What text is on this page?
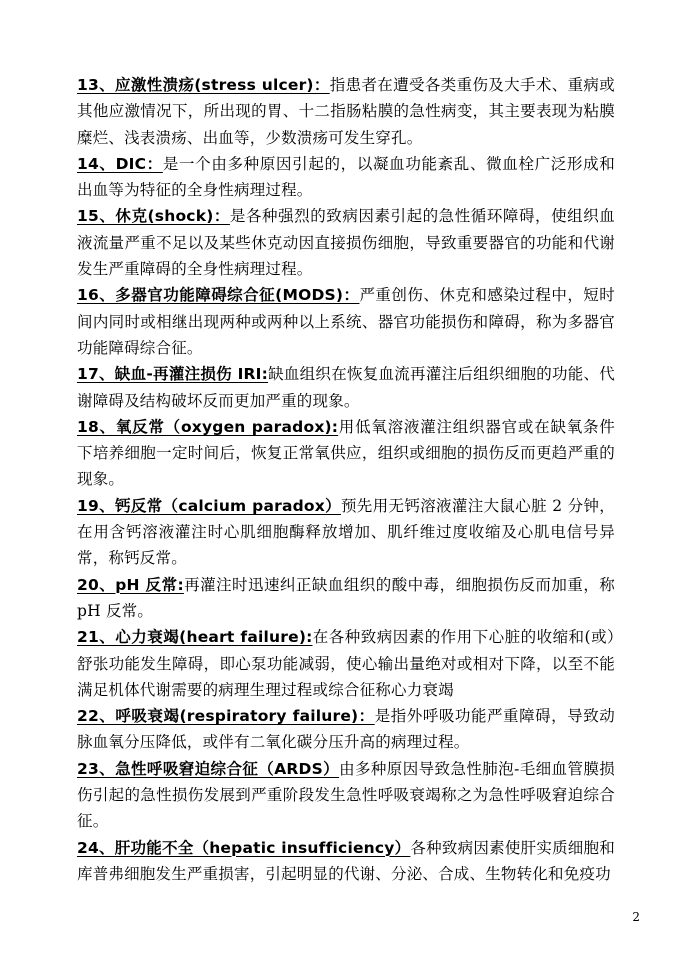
13、应激性溃疡(stress ulcer)：指患者在遭受各类重伤及大手术、重病或其他应激情况下，所出现的胃、十二指肠粘膜的急性病变，其主要表现为粘膜糜烂、浅表溃疡、出血等，少数溃疡可发生穿孔。

14、DIC：是一个由多种原因引起的，以凝血功能紊乱、微血栓广泛形成和出血等为特征的全身性病理过程。

15、休克(shock)：是各种强烈的致病因素引起的急性循环障碍，使组织血液流量严重不足以及某些休克动因直接损伤细胞，导致重要器官的功能和代谢发生严重障碍的全身性病理过程。

16、多器官功能障碍综合征(MODS)：严重创伤、休克和感染过程中，短时间内同时或相继出现两种或两种以上系统、器官功能损伤和障碍，称为多器官功能障碍综合征。

17、缺血-再灌注损伤 IRI:缺血组织在恢复血流再灌注后组织细胞的功能、代谢障碍及结构破坏反而更加严重的现象。

18、氧反常（oxygen paradox):用低氧溶液灌注组织器官或在缺氧条件下培养细胞一定时间后，恢复正常氧供应，组织或细胞的损伤反而更趋严重的现象。

19、钙反常（calcium paradox）预先用无钙溶液灌注大鼠心脏 2 分钟，在用含钙溶液灌注时心肌细胞酶释放增加、肌纤维过度收缩及心肌电信号异常，称钙反常。

20、pH 反常:再灌注时迅速纠正缺血组织的酸中毒，细胞损伤反而加重，称 pH 反常。

21、心力衰竭(heart failure):在各种致病因素的作用下心脏的收缩和(或）舒张功能发生障碍，即心泵功能减弱，使心输出量绝对或相对下降，以至不能满足机体代谢需要的病理生理过程或综合征称心力衰竭

22、呼吸衰竭(respiratory failure)：是指外呼吸功能严重障碍，导致动脉血氧分压降低，或伴有二氧化碳分压升高的病理过程。

23、急性呼吸窘迫综合征（ARDS）由多种原因导致急性肺泡-毛细血管膜损伤引起的急性损伤发展到严重阶段发生急性呼吸衰竭称之为急性呼吸窘迫综合征。

24、肝功能不全（hepatic insufficiency）各种致病因素使肝实质细胞和库普弗细胞发生严重损害，引起明显的代谢、分泌、合成、生物转化和免疫功

2
